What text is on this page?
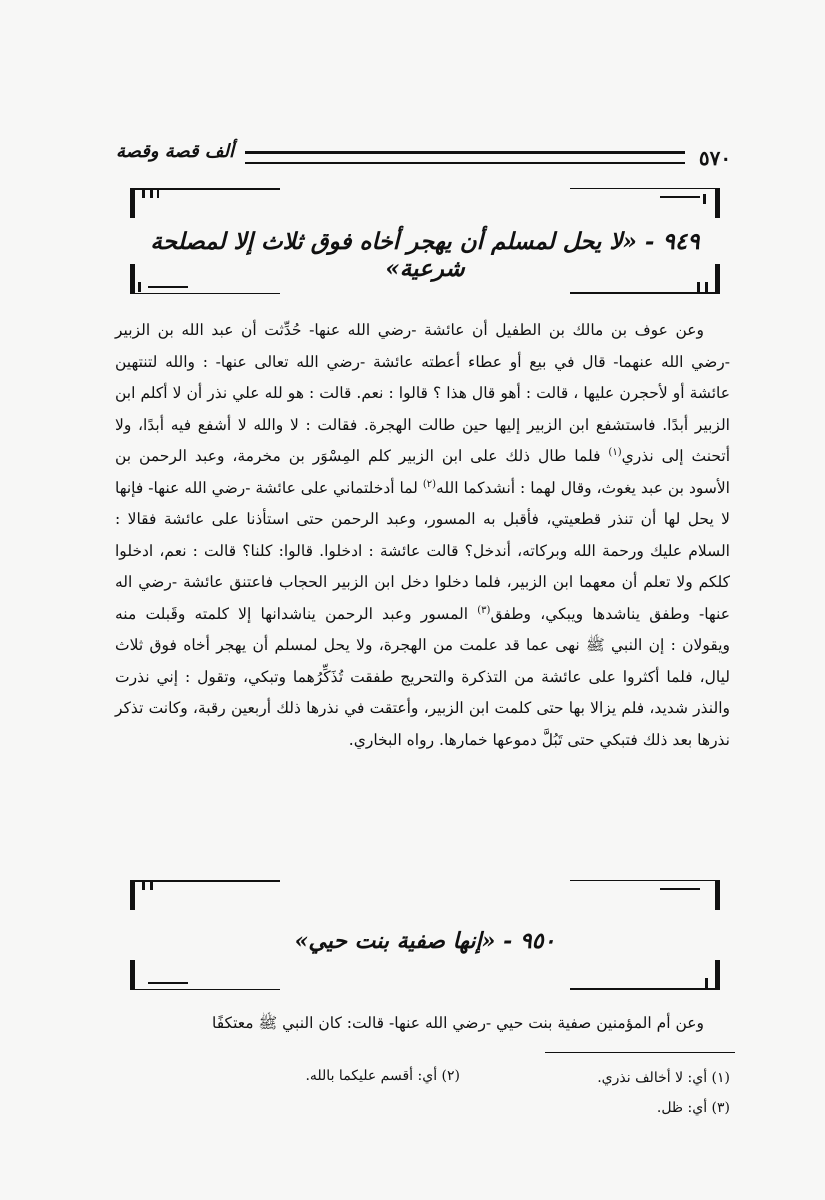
٥٧٠
ألف قصة وقصة
٩٤٩ - «لا يحل لمسلم أن يهجر أخاه فوق ثلاث إلا لمصلحة شرعية»

وعن عوف بن مالك بن الطفيل أن عائشة -رضي الله عنها- حُدِّثت أن عبد الله بن الزبير -رضي الله عنهما- قال في بيع أو عطاء أعطته عائشة -رضي الله تعالى عنها- : والله لتنتهين عائشة أو لأحجرن عليها ، قالت : أهو قال هذا ؟ قالوا : نعم. قالت : هو لله علي نذر أن لا أكلم ابن الزبير أبدًا. فاستشفع ابن الزبير إليها حين طالت الهجرة. فقالت : لا والله لا أشفع فيه أبدًا، ولا أتحنث إلى نذري$^{(١)}$ فلما طال ذلك على ابن الزبير كلم المِسْوَر بن مخرمة، وعبد الرحمن بن الأسود بن عبد يغوث، وقال لهما : أنشدكما الله$^{(٢)}$ لما أدخلتماني على عائشة -رضي الله عنها- فإنها لا يحل لها أن تنذر قطعيتي، فأقبل به المسور، وعبد الرحمن حتى استأذنا على عائشة فقالا : السلام عليك ورحمة الله وبركاته، أندخل؟ قالت عائشة : ادخلوا. قالوا: كلنا؟ قالت : نعم، ادخلوا كلكم ولا تعلم أن معهما ابن الزبير، فلما دخلوا دخل ابن الزبير الحجاب فاعتنق عائشة -رضي اله عنها- وطفق يناشدها ويبكي، وطفق$^{(٣)}$ المسور وعبد الرحمن يناشدانها إلا كلمته وقَبلت منه ويقولان : إن النبي ﷺ نهى عما قد علمت من الهجرة، ولا يحل لمسلم أن يهجر أخاه فوق ثلاث ليال، فلما أكثروا على عائشة من التذكرة والتحريج طفقت تُذَكِّرُهما وتبكي، وتقول : إني نذرت والنذر شديد، فلم يزالا بها حتى كلمت ابن الزبير، وأعتقت في نذرها ذلك أربعين رقبة، وكانت تذكر نذرها بعد ذلك فتبكي حتى تَبُلَّ دموعها خمارها. رواه البخاري.

٩٥٠ - «إنها صفية بنت حيي»

وعن أم المؤمنين صفية بنت حيي -رضي الله عنها- قالت: كان النبي ﷺ معتكفًا

(١) أي: لا أخالف نذري.
(٢) أي: أقسم عليكما بالله.
(٣) أي: ظل.
